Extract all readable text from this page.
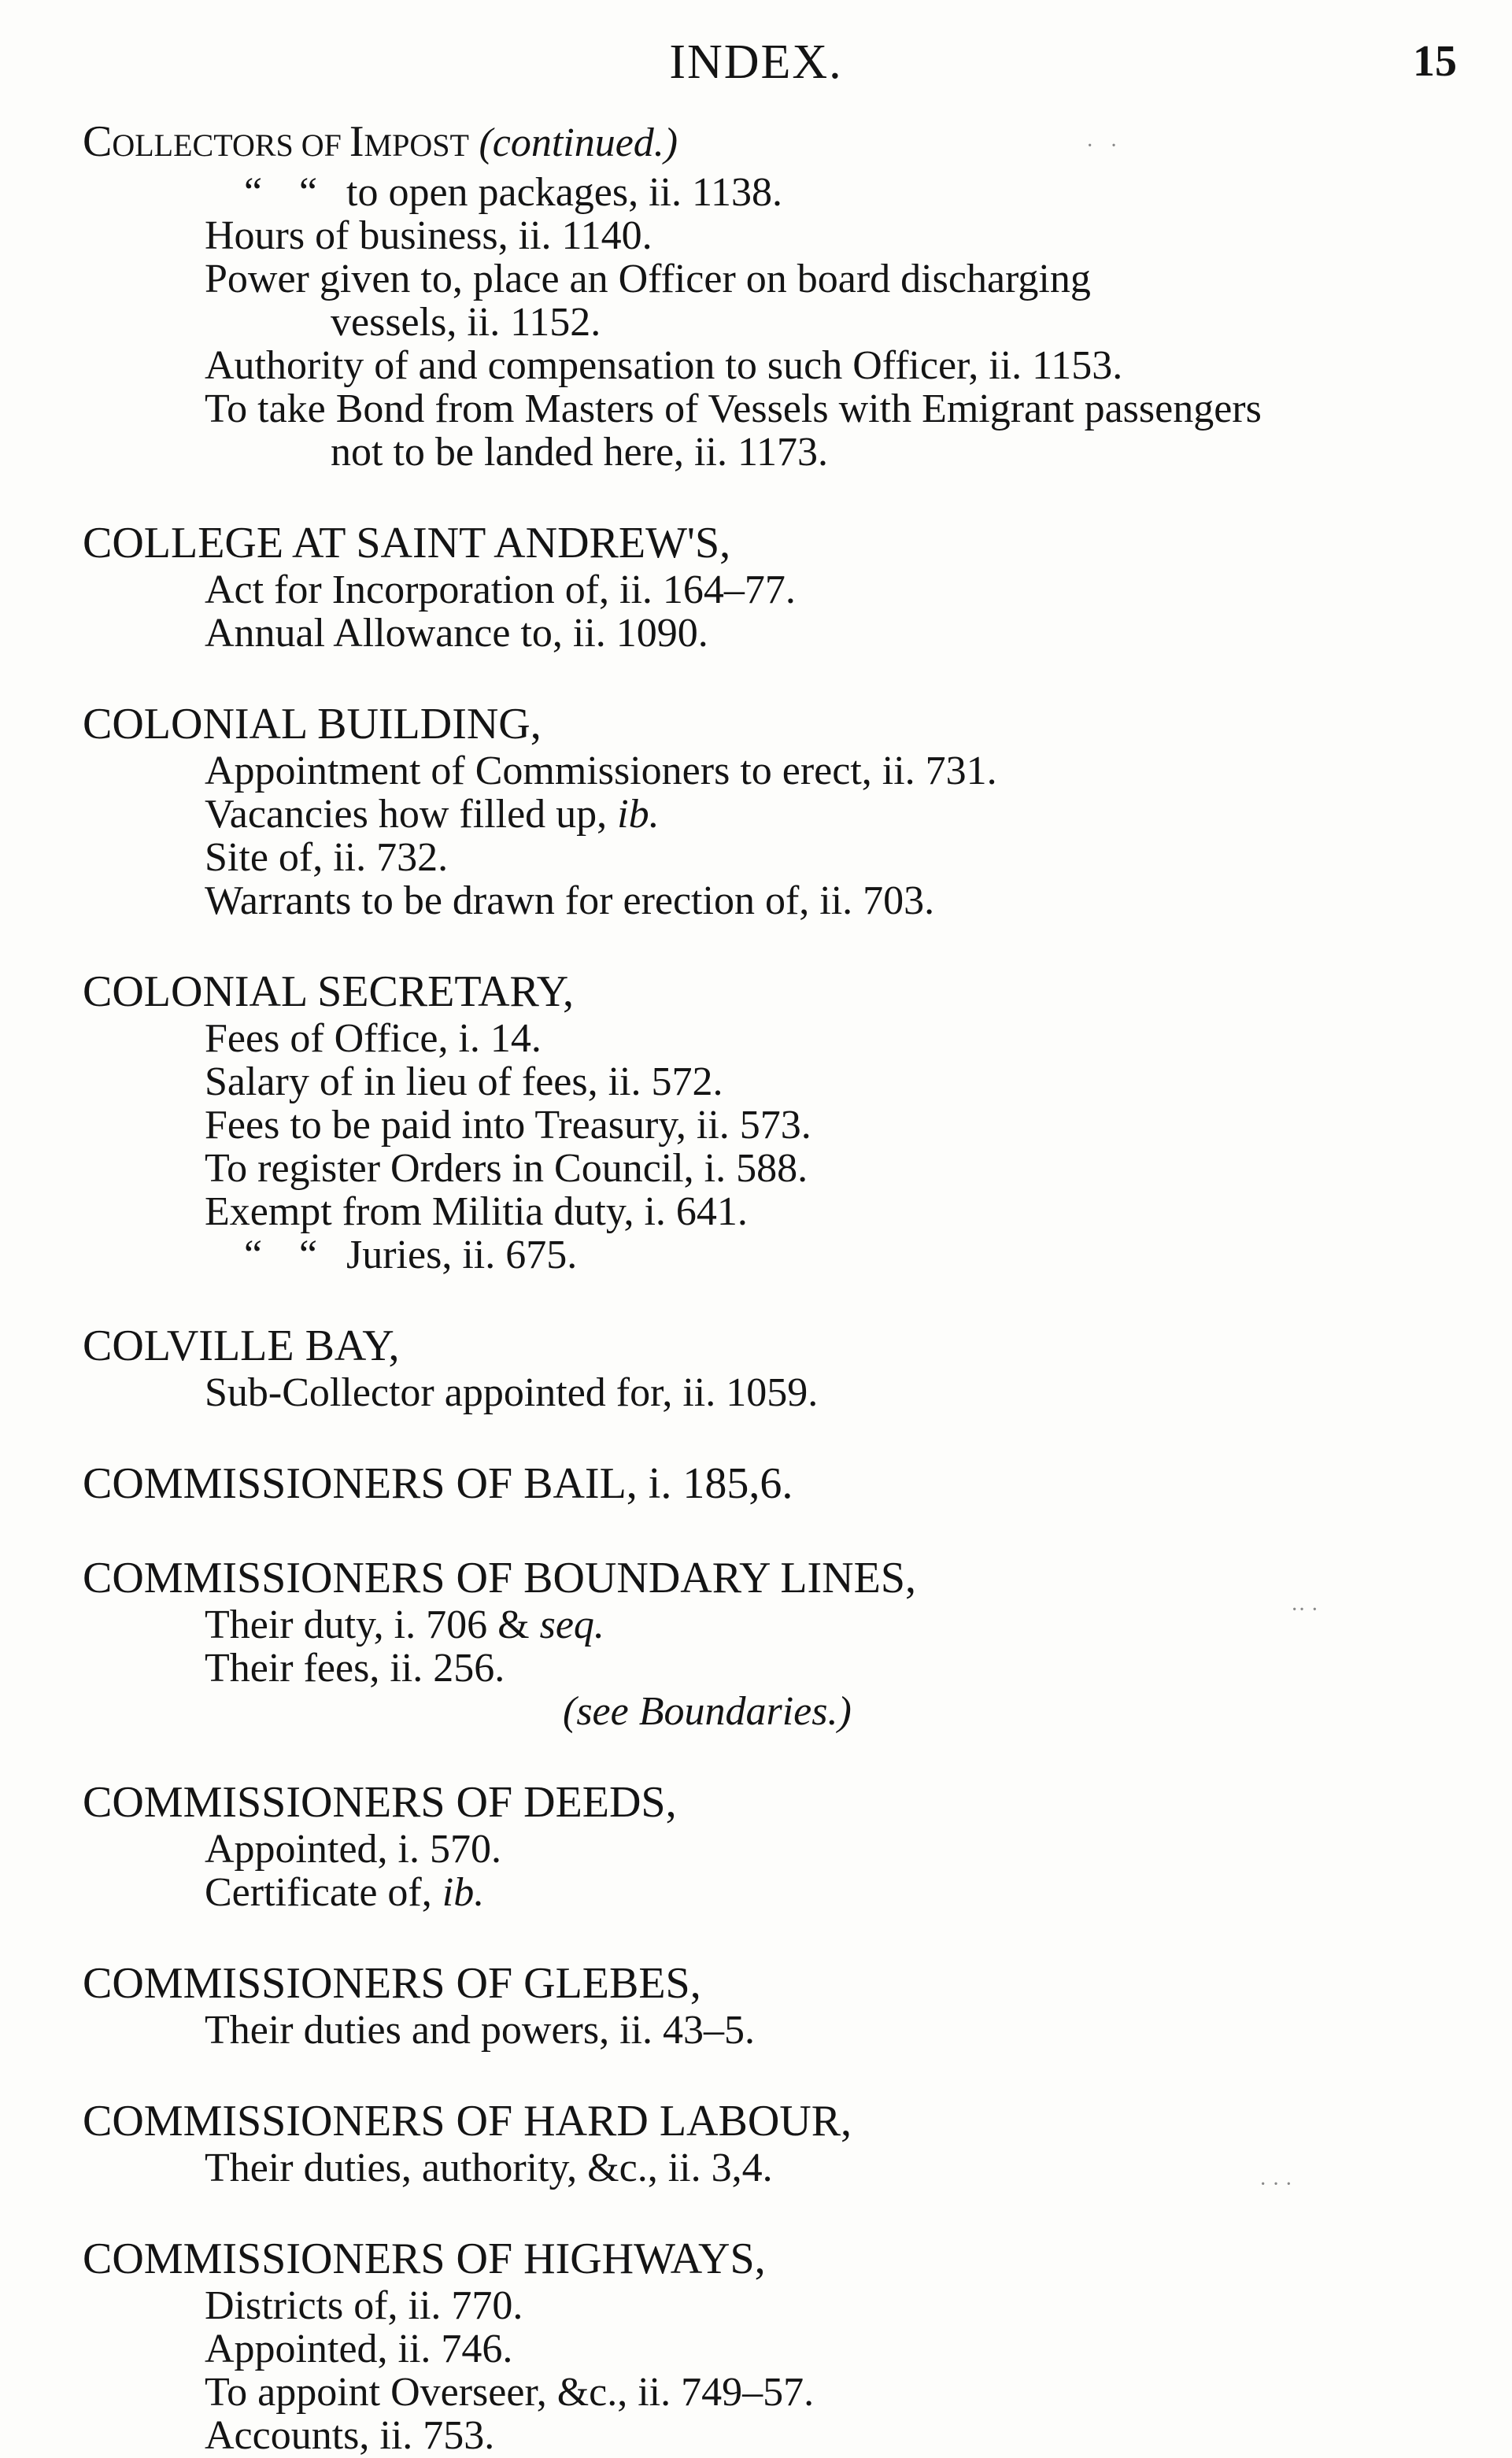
INDEX.	15
COLLECTORS OF IMPOST (continued.)
“ “ to open packages, ii. 1138.
Hours of business, ii. 1140.
Power given to, place an Officer on board discharging
vessels, ii. 1152.
Authority of and compensation to such Officer, ii. 1153.
To take Bond from Masters of Vessels with Emigrant passengers
not to be landed here, ii. 1173.
COLLEGE AT SAINT ANDREW'S,
Act for Incorporation of, ii. 164–77.
Annual Allowance to, ii. 1090.
COLONIAL BUILDING,
Appointment of Commissioners to erect, ii. 731.
Vacancies how filled up, ib.
Site of, ii. 732.
Warrants to be drawn for erection of, ii. 703.
COLONIAL SECRETARY,
Fees of Office, i. 14.
Salary of in lieu of fees, ii. 572.
Fees to be paid into Treasury, ii. 573.
To register Orders in Council, i. 588.
Exempt from Militia duty, i. 641.
“ “ Juries, ii. 675.
COLVILLE BAY,
Sub-Collector appointed for, ii. 1059.
COMMISSIONERS OF BAIL, i. 185,6.
COMMISSIONERS OF BOUNDARY LINES,
Their duty, i. 706 & seq.
Their fees, ii. 256.
(see Boundaries.)
COMMISSIONERS OF DEEDS,
Appointed, i. 570.
Certificate of, ib.
COMMISSIONERS OF GLEBES,
Their duties and powers, ii. 43–5.
COMMISSIONERS OF HARD LABOUR,
Their duties, authority, &c., ii. 3,4.
COMMISSIONERS OF HIGHWAYS,
Districts of, ii. 770.
Appointed, ii. 746.
To appoint Overseer, &c., ii. 749–57.
Accounts, ii. 753.
·   ·
·· ·
· · ·
